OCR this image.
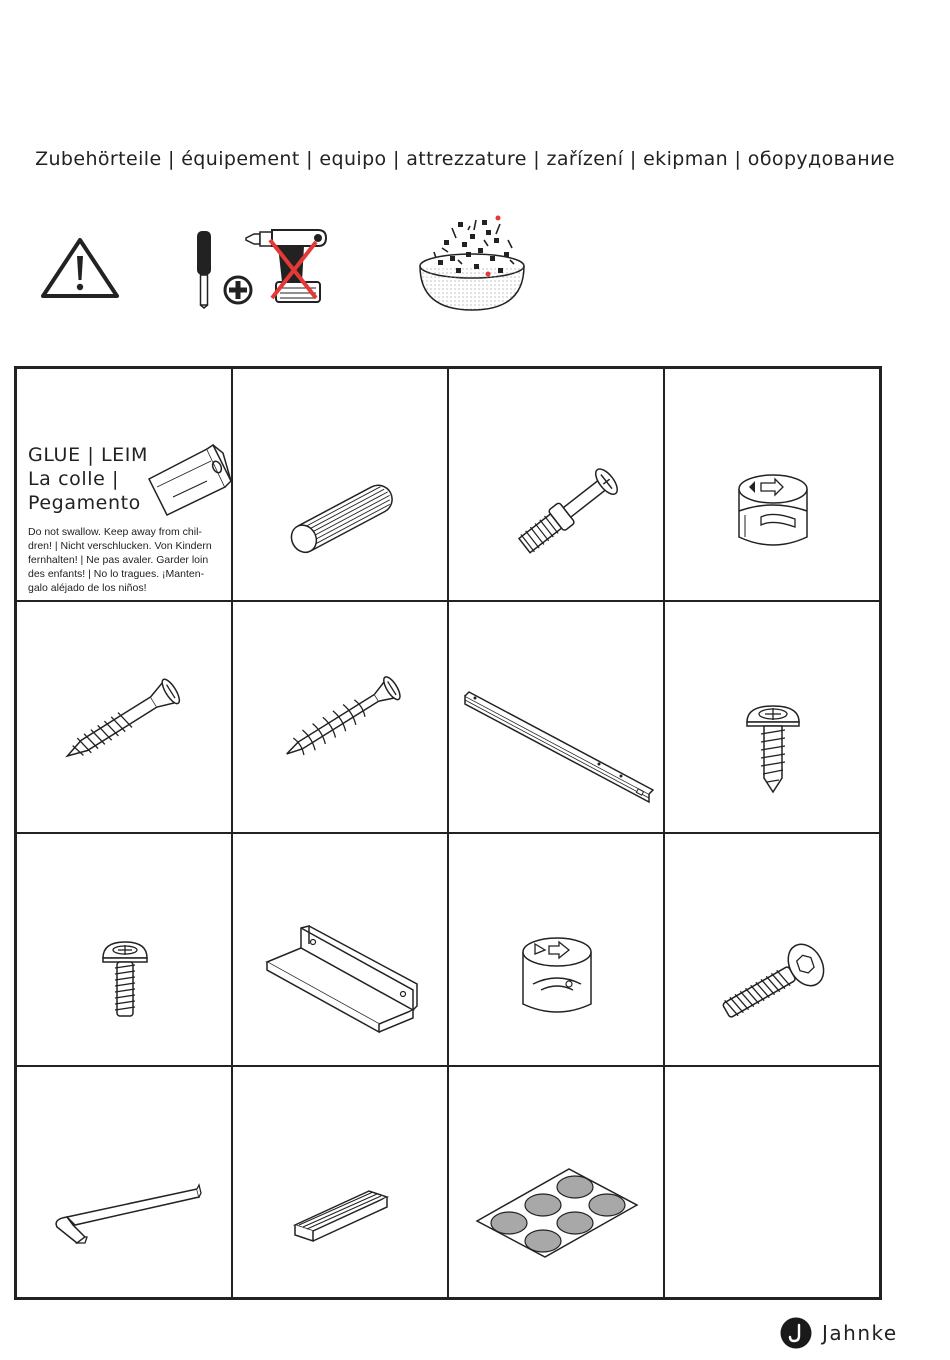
Zubehörteile | équipement | equipo | attrezzature | zařízení | ekipman | оборудование
GLUE | LEIM
La colle |
Pegamento
Do not swallow. Keep away from chil-
dren! | Nicht verschlucken. Von Kindern
fernhalten! | Ne pas avaler. Garder loin
des enfants! | No lo tragues. ¡Manten-
galo aléjado de los niños!
Jahnke
